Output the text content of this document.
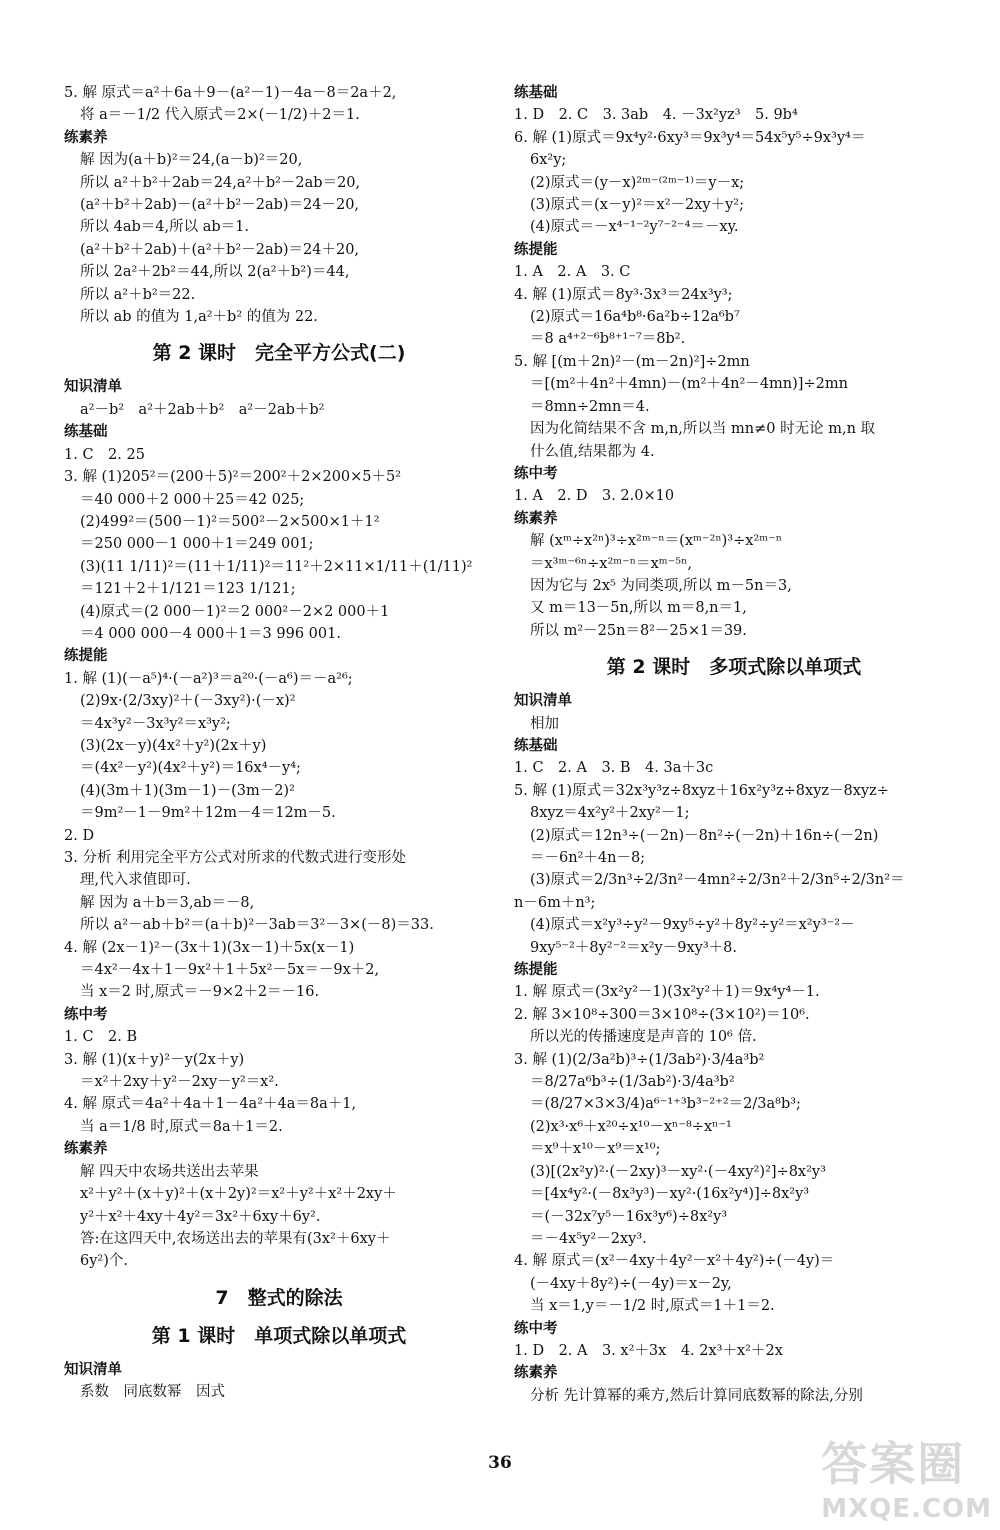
5. 解 原式＝a²＋6a＋9－(a²－1)－4a－8＝2a＋2,
将 a＝－1/2 代入原式＝2×(－1/2)＋2＝1.
练素养
解 因为(a＋b)²＝24,(a－b)²＝20,
所以 a²＋b²＋2ab＝24,a²＋b²－2ab＝20,
(a²＋b²＋2ab)－(a²＋b²－2ab)＝24－20,
所以 4ab＝4,所以 ab＝1.
(a²＋b²＋2ab)＋(a²＋b²－2ab)＝24＋20,
所以 2a²＋2b²＝44,所以 2(a²＋b²)＝44,
所以 a²＋b²＝22.
所以 ab 的值为 1,a²＋b² 的值为 22.
第 2 课时　完全平方公式(二)
知识清单
a²－b²　a²＋2ab＋b²　a²－2ab＋b²
练基础
1. C　2. 25
3. 解 (1)205²＝(200＋5)²＝200²＋2×200×5＋5²
＝40 000＋2 000＋25＝42 025;
(2)499²＝(500－1)²＝500²－2×500×1＋1²
＝250 000－1 000＋1＝249 001;
(3)(11 1/11)²＝(11＋1/11)²＝11²＋2×11×1/11＋(1/11)²
＝121＋2＋1/121＝123 1/121;
(4)原式＝(2 000－1)²＝2 000²－2×2 000＋1
＝4 000 000－4 000＋1＝3 996 001.
练提能
1. 解 (1)(－a⁵)⁴·(－a²)³＝a²⁰·(－a⁶)＝－a²⁶;
(2)9x·(2/3xy)²＋(－3xy²)·(－x)²
＝4x³y²－3x³y²＝x³y²;
(3)(2x－y)(4x²＋y²)(2x＋y)
＝(4x²－y²)(4x²＋y²)＝16x⁴－y⁴;
(4)(3m＋1)(3m－1)－(3m－2)²
＝9m²－1－9m²＋12m－4＝12m－5.
2. D
3. 分析 利用完全平方公式对所求的代数式进行变形处
理,代入求值即可.
解 因为 a＋b＝3,ab＝－8,
所以 a²－ab＋b²＝(a＋b)²－3ab＝3²－3×(－8)＝33.
4. 解 (2x－1)²－(3x＋1)(3x－1)＋5x(x－1)
＝4x²－4x＋1－9x²＋1＋5x²－5x＝－9x＋2,
当 x＝2 时,原式＝－9×2＋2＝－16.
练中考
1. C　2. B
3. 解 (1)(x＋y)²－y(2x＋y)
＝x²＋2xy＋y²－2xy－y²＝x².
4. 解 原式＝4a²＋4a＋1－4a²＋4a＝8a＋1,
当 a＝1/8 时,原式＝8a＋1＝2.
练素养
解 四天中农场共送出去苹果
x²＋y²＋(x＋y)²＋(x＋2y)²＝x²＋y²＋x²＋2xy＋
y²＋x²＋4xy＋4y²＝3x²＋6xy＋6y².
答:在这四天中,农场送出去的苹果有(3x²＋6xy＋
6y²)个.
7　整式的除法
第 1 课时　单项式除以单项式
知识清单
系数　同底数幂　因式
练基础
1. D　2. C　3. 3ab　4. －3x²yz³　5. 9b⁴
6. 解 (1)原式＝9x⁴y²·6xy³＝9x³y⁴＝54x⁵y⁵÷9x³y⁴＝
6x²y;
(2)原式＝(y－x)²ᵐ⁻⁽²ᵐ⁻¹⁾＝y－x;
(3)原式＝(x－y)²＝x²－2xy＋y²;
(4)原式＝－x⁴⁻¹⁻²y⁷⁻²⁻⁴＝－xy.
练提能
1. A　2. A　3. C
4. 解 (1)原式＝8y³·3x³＝24x³y³;
(2)原式＝16a⁴b⁸·6a²b÷12a⁶b⁷
＝8 a⁴⁺²⁻⁶b⁸⁺¹⁻⁷＝8b².
5. 解 [(m＋2n)²－(m－2n)²]÷2mn
＝[(m²＋4n²＋4mn)－(m²＋4n²－4mn)]÷2mn
＝8mn÷2mn＝4.
因为化简结果不含 m,n,所以当 mn≠0 时无论 m,n 取
什么值,结果都为 4.
练中考
1. A　2. D　3. 2.0×10
练素养
解 (xᵐ÷x²ⁿ)³÷x²ᵐ⁻ⁿ＝(xᵐ⁻²ⁿ)³÷x²ᵐ⁻ⁿ
＝x³ᵐ⁻⁶ⁿ÷x²ᵐ⁻ⁿ＝xᵐ⁻⁵ⁿ,
因为它与 2x⁵ 为同类项,所以 m－5n＝3,
又 m＝13－5n,所以 m＝8,n＝1,
所以 m²－25n＝8²－25×1＝39.
第 2 课时　多项式除以单项式
知识清单
相加
练基础
1. C　2. A　3. B　4. 3a＋3c
5. 解 (1)原式＝32x³y³z÷8xyz＋16x²y³z÷8xyz－8xyz÷
8xyz＝4x²y²＋2xy²－1;
(2)原式＝12n³÷(－2n)－8n²÷(－2n)＋16n÷(－2n)
＝－6n²＋4n－8;
(3)原式＝2/3n³÷2/3n²－4mn²÷2/3n²＋2/3n⁵÷2/3n²＝
n－6m＋n³;
(4)原式＝x²y³÷y²－9xy⁵÷y²＋8y²÷y²＝x²y³⁻²－
9xy⁵⁻²＋8y²⁻²＝x²y－9xy³＋8.
练提能
1. 解 原式＝(3x²y²－1)(3x²y²＋1)＝9x⁴y⁴－1.
2. 解 3×10⁸÷300＝3×10⁸÷(3×10²)＝10⁶.
所以光的传播速度是声音的 10⁶ 倍.
3. 解 (1)(2/3a²b)³÷(1/3ab²)·3/4a³b²
＝8/27a⁶b³÷(1/3ab²)·3/4a³b²
＝(8/27×3×3/4)a⁶⁻¹⁺³b³⁻²⁺²＝2/3a⁸b³;
(2)x³·x⁶＋x²⁰÷x¹⁰－xⁿ⁻⁸÷xⁿ⁻¹
＝x⁹＋x¹⁰－x⁹＝x¹⁰;
(3)[(2x²y)²·(－2xy)³－xy²·(－4xy²)²]÷8x²y³
＝[4x⁴y²·(－8x³y³)－xy²·(16x²y⁴)]÷8x²y³
＝(－32x⁷y⁵－16x³y⁶)÷8x²y³
＝－4x⁵y²－2xy³.
4. 解 原式＝(x²－4xy＋4y²－x²＋4y²)÷(－4y)＝
(－4xy＋8y²)÷(－4y)＝x－2y,
当 x＝1,y＝－1/2 时,原式＝1＋1＝2.
练中考
1. D　2. A　3. x²＋3x　4. 2x³＋x²＋2x
练素养
分析 先计算幂的乘方,然后计算同底数幂的除法,分别
36	答案圈
MXQE.COM
